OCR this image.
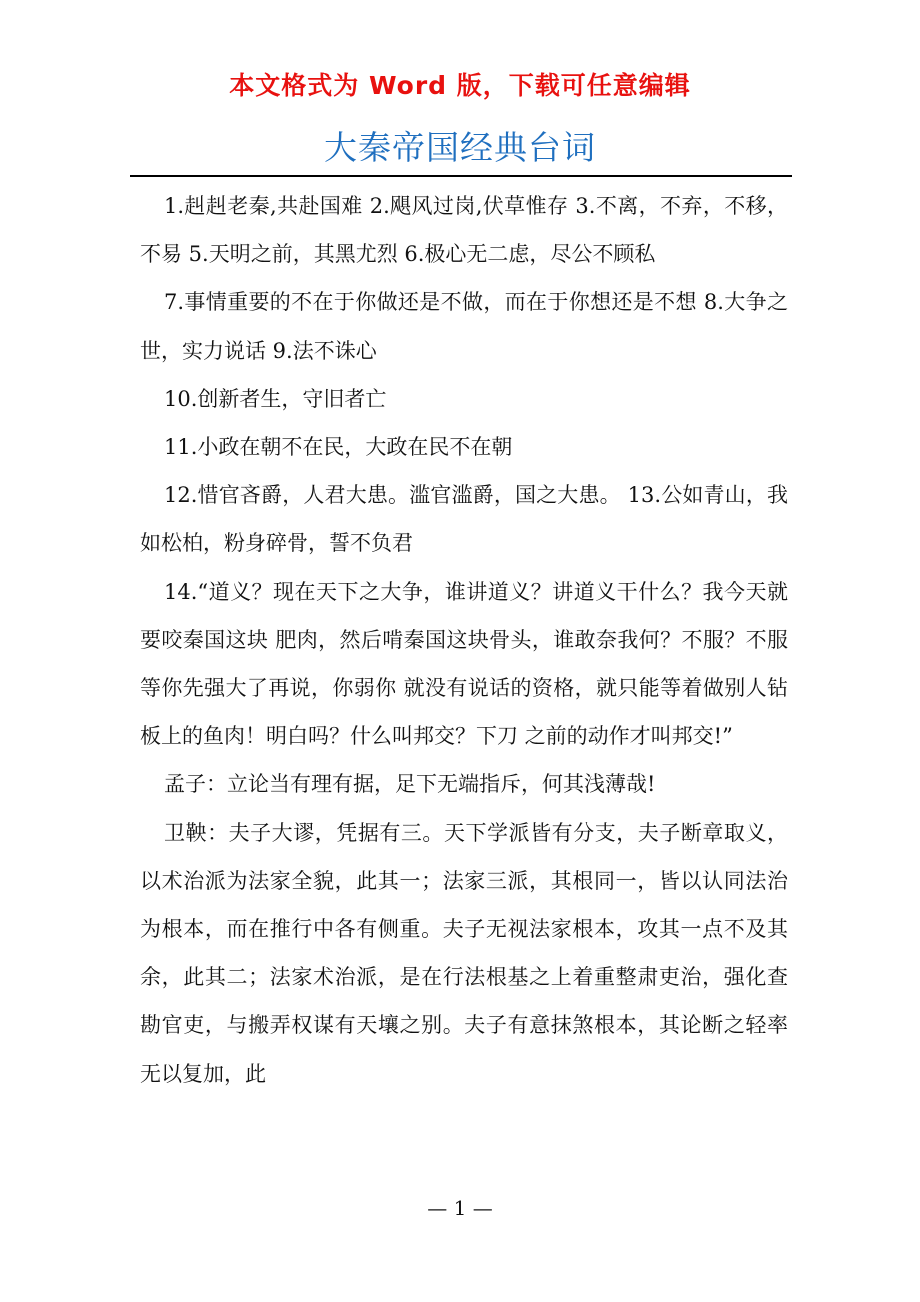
本文格式为 Word 版，下载可任意编辑
大秦帝国经典台词

1.赳赳老秦,共赴国难 2.飓风过岗,伏草惟存 3.不离，不弃，不移，不易 5.天明之前，其黑尤烈 6.极心无二虑，尽公不顾私

7.事情重要的不在于你做还是不做，而在于你想还是不想 8.大争之世，实力说话 9.法不诛心

10.创新者生，守旧者亡

11.小政在朝不在民，大政在民不在朝

12.惜官吝爵，人君大患。滥官滥爵，国之大患。 13.公如青山，我如松柏，粉身碎骨，誓不负君

14.“道义？现在天下之大争，谁讲道义？讲道义干什么？我今天就要咬秦国这块 肥肉，然后啃秦国这块骨头，谁敢奈我何？不服？不服等你先强大了再说，你弱你 就没有说话的资格，就只能等着做别人钻板上的鱼肉！明白吗？什么叫邦交？下刀 之前的动作才叫邦交!”

孟子：立论当有理有据，足下无端指斥，何其浅薄哉!

卫鞅：夫子大谬，凭据有三。天下学派皆有分支，夫子断章取义，以术治派为法家全貌，此其一；法家三派，其根同一，皆以认同法治为根本，而在推行中各有侧重。夫子无视法家根本，攻其一点不及其余，此其二；法家术治派，是在行法根基之上着重整肃吏治，强化查勘官吏，与搬弄权谋有天壤之别。夫子有意抹煞根本，其论断之轻率无以复加，此

— 1 —
